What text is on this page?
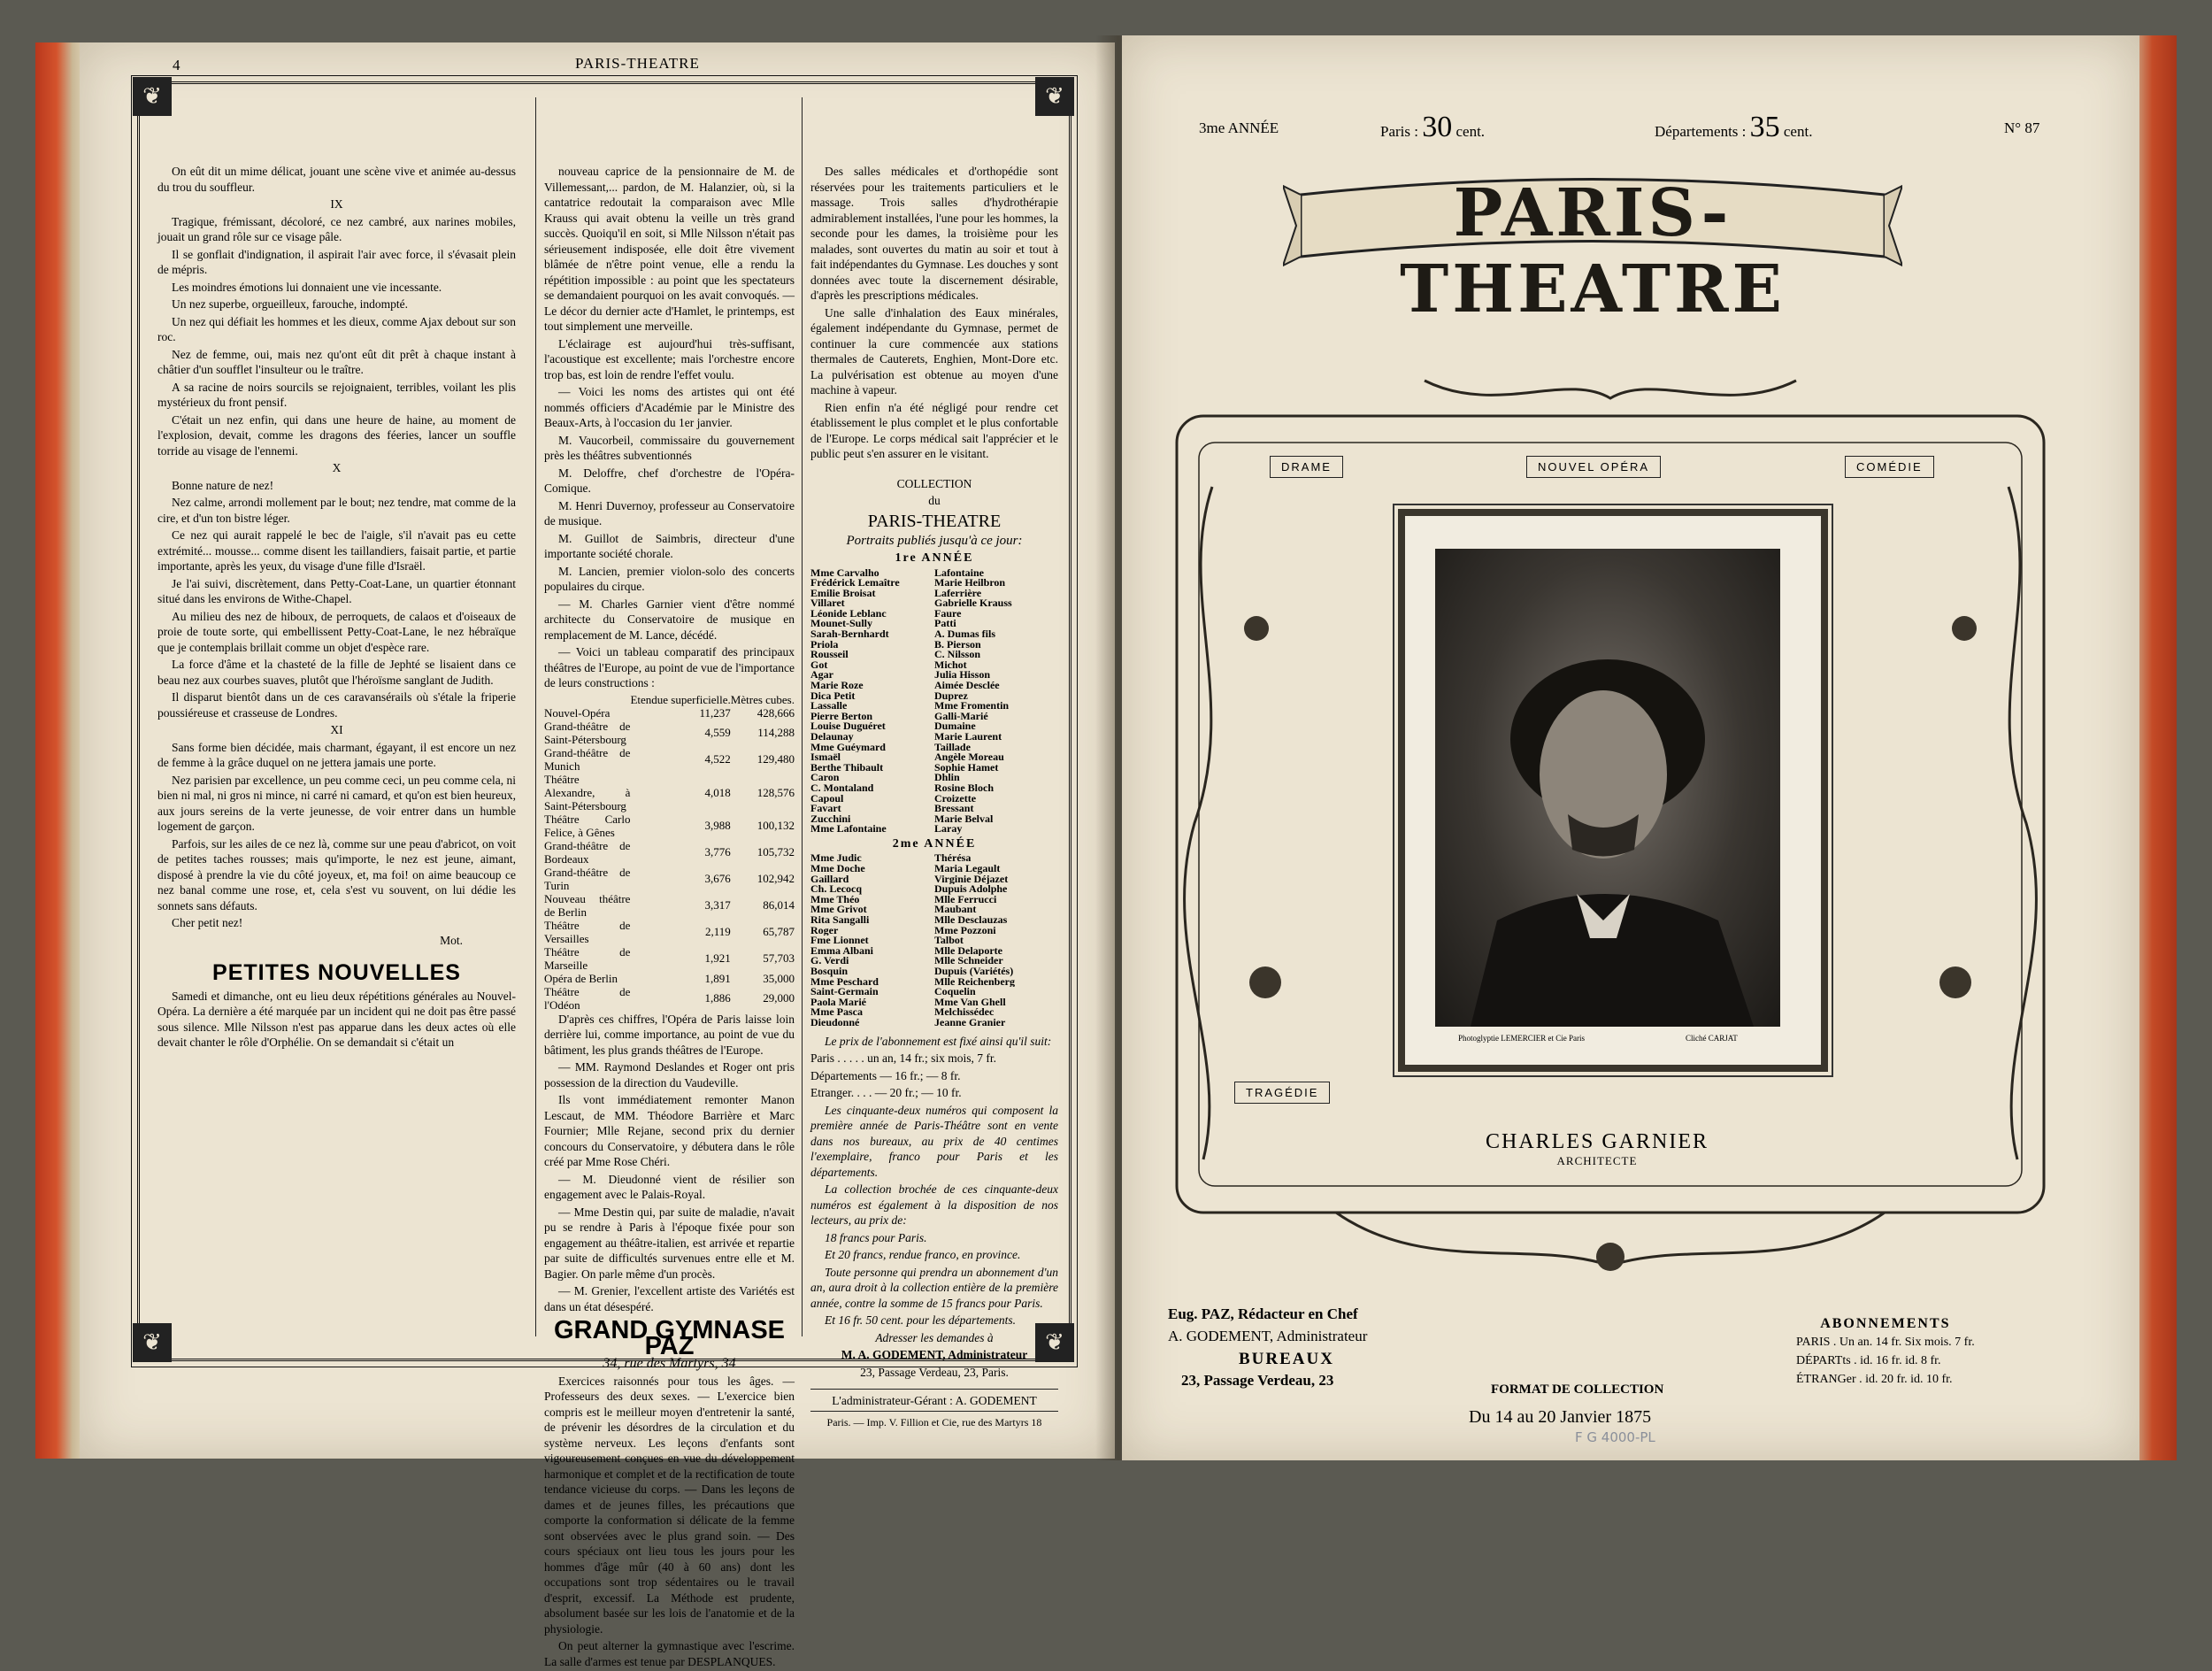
4	PARIS-THEATRE
❦	❦
❦	❦

On eût dit un mime délicat, jouant une scène vive et animée au-dessus du trou du souffleur.

IX

Tragique, frémissant, décoloré, ce nez cambré, aux narines mobiles, jouait un grand rôle sur ce visage pâle.

Il se gonflait d'indignation, il aspirait l'air avec force, il s'évasait plein de mépris.

Les moindres émotions lui donnaient une vie incessante.

Un nez superbe, orgueilleux, farouche, indompté.

Un nez qui défiait les hommes et les dieux, comme Ajax debout sur son roc.

Nez de femme, oui, mais nez qu'ont eût dit prêt à chaque instant à châtier d'un soufflet l'insulteur ou le traître.

A sa racine de noirs sourcils se rejoignaient, terribles, voilant les plis mystérieux du front pensif.

C'était un nez enfin, qui dans une heure de haine, au moment de l'explosion, devait, comme les dragons des féeries, lancer un souffle torride au visage de l'ennemi.

X

Bonne nature de nez!

Nez calme, arrondi mollement par le bout; nez tendre, mat comme de la cire, et d'un ton bistre léger.

Ce nez qui aurait rappelé le bec de l'aigle, s'il n'avait pas eu cette extrémité... mousse... comme disent les taillandiers, faisait partie, et partie importante, après les yeux, du visage d'une fille d'Israël.

Je l'ai suivi, discrètement, dans Petty-Coat-Lane, un quartier étonnant situé dans les environs de Withe-Chapel.

Au milieu des nez de hiboux, de perroquets, de calaos et d'oiseaux de proie de toute sorte, qui embellissent Petty-Coat-Lane, le nez hébraïque que je contemplais brillait comme un objet d'espèce rare.

La force d'âme et la chasteté de la fille de Jephté se lisaient dans ce beau nez aux courbes suaves, plutôt que l'héroïsme sanglant de Judith.

Il disparut bientôt dans un de ces caravansérails où s'étale la friperie poussiéreuse et crasseuse de Londres.

XI

Sans forme bien décidée, mais charmant, égayant, il est encore un nez de femme à la grâce duquel on ne jettera jamais une porte.

Nez parisien par excellence, un peu comme ceci, un peu comme cela, ni bien ni mal, ni gros ni mince, ni carré ni camard, et qu'on est bien heureux, aux jours sereins de la verte jeunesse, de voir entrer dans un humble logement de garçon.

Parfois, sur les ailes de ce nez là, comme sur une peau d'abricot, on voit de petites taches rousses; mais qu'importe, le nez est jeune, aimant, disposé à prendre la vie du côté joyeux, et, ma foi! on aime beaucoup ce nez banal comme une rose, et, cela s'est vu souvent, on lui dédie les sonnets sans défauts.

Cher petit nez!

Mot.

PETITES NOUVELLES

Samedi et dimanche, ont eu lieu deux répétitions générales au Nouvel-Opéra. La dernière a été marquée par un incident qui ne doit pas être passé sous silence. Mlle Nilsson n'est pas apparue dans les deux actes où elle devait chanter le rôle d'Orphélie. On se demandait si c'était un

nouveau caprice de la pensionnaire de M. de Villemessant,... pardon, de M. Halanzier, où, si la cantatrice redoutait la comparaison avec Mlle Krauss qui avait obtenu la veille un très grand succès. Quoiqu'il en soit, si Mlle Nilsson n'était pas sérieusement indisposée, elle doit être vivement blâmée de n'être point venue, elle a rendu la répétition impossible : au point que les spectateurs se demandaient pourquoi on les avait convoqués. — Le décor du dernier acte d'Hamlet, le printemps, est tout simplement une merveille.

L'éclairage est aujourd'hui très-suffisant, l'acoustique est excellente; mais l'orchestre encore trop bas, est loin de rendre l'effet voulu.

— Voici les noms des artistes qui ont été nommés officiers d'Académie par le Ministre des Beaux-Arts, à l'occasion du 1er janvier.

M. Vaucorbeil, commissaire du gouvernement près les théâtres subventionnés

M. Deloffre, chef d'orchestre de l'Opéra-Comique.

M. Henri Duvernoy, professeur au Conservatoire de musique.

M. Guillot de Saimbris, directeur d'une importante société chorale.

M. Lancien, premier violon-solo des concerts populaires du cirque.

— M. Charles Garnier vient d'être nommé architecte du Conservatoire de musique en remplacement de M. Lance, décédé.

— Voici un tableau comparatif des principaux théâtres de l'Europe, au point de vue de l'importance de leurs constructions :

	Etendue superficielle.	Mètres cubes.
Nouvel-Opéra	11,237	428,666
Grand-théâtre de Saint-Pétersbourg	4,559	114,288
Grand-théâtre de Munich	4,522	129,480
Théâtre Alexandre, à Saint-Pétersbourg	4,018	128,576
Théâtre Carlo Felice, à Gênes	3,988	100,132
Grand-théâtre de Bordeaux	3,776	105,732
Grand-théâtre de Turin	3,676	102,942
Nouveau théâtre de Berlin	3,317	86,014
Théâtre de Versailles	2,119	65,787
Théâtre de Marseille	1,921	57,703
Opéra de Berlin	1,891	35,000
Théâtre de l'Odéon	1,886	29,000

D'après ces chiffres, l'Opéra de Paris laisse loin derrière lui, comme importance, au point de vue du bâtiment, les plus grands théâtres de l'Europe.

— MM. Raymond Deslandes et Roger ont pris possession de la direction du Vaudeville.

Ils vont immédiatement remonter Manon Lescaut, de MM. Théodore Barrière et Marc Fournier; Mlle Rejane, second prix du dernier concours du Conservatoire, y débutera dans le rôle créé par Mme Rose Chéri.

— M. Dieudonné vient de résilier son engagement avec le Palais-Royal.

— Mme Destin qui, par suite de maladie, n'avait pu se rendre à Paris à l'époque fixée pour son engagement au théâtre-italien, est arrivée et repartie par suite de difficultés survenues entre elle et M. Bagier. On parle même d'un procès.

— M. Grenier, l'excellent artiste des Variétés est dans un état désespéré.

GRAND GYMNASE PAZ

34, rue des Martyrs, 34

Exercices raisonnés pour tous les âges. — Professeurs des deux sexes. — L'exercice bien compris est le meilleur moyen d'entretenir la santé, de prévenir les désordres de la circulation et du système nerveux. Les leçons d'enfants sont vigoureusement conçues en vue du développement harmonique et complet et de la rectification de toute tendance vicieuse du corps. — Dans les leçons de dames et de jeunes filles, les précautions que comporte la conformation si délicate de la femme sont observées avec le plus grand soin. — Des cours spéciaux ont lieu tous les jours pour les hommes d'âge mûr (40 à 60 ans) dont les occupations sont trop sédentaires ou le travail d'esprit, excessif. La Méthode est prudente, absolument basée sur les lois de l'anatomie et de la physiologie.

On peut alterner la gymnastique avec l'escrime. La salle d'armes est tenue par DESPLANQUES.

Des salles médicales et d'orthopédie sont réservées pour les traitements particuliers et le massage. Trois salles d'hydrothérapie admirablement installées, l'une pour les hommes, la seconde pour les dames, la troisième pour les malades, sont ouvertes du matin au soir et tout à fait indépendantes du Gymnase. Les douches y sont données avec toute la discernement désirable, d'après les prescriptions médicales.

Une salle d'inhalation des Eaux minérales, également indépendante du Gymnase, permet de continuer la cure commencée aux stations thermales de Cauterets, Enghien, Mont-Dore etc. La pulvérisation est obtenue au moyen d'une machine à vapeur.

Rien enfin n'a été négligé pour rendre cet établissement le plus complet et le plus confortable de l'Europe. Le corps médical sait l'apprécier et le public peut s'en assurer en le visitant.

COLLECTION

du

PARIS-THEATRE

Portraits publiés jusqu'à ce jour:

1re ANNÉE
Mme Carvalho	Lafontaine
Frédérick Lemaître	Marie Heilbron
Emilie Broisat	Laferrière
Villaret	Gabrielle Krauss
Léonide Leblanc	Faure
Mounet-Sully	Patti
Sarah-Bernhardt	A. Dumas fils
Priola	B. Pierson
Rousseil	C. Nilsson
Got	Michot
Agar	Julia Hisson
Marie Roze	Aimée Desclée
Dica Petit	Duprez
Lassalle	Mme Fromentin
Pierre Berton	Galli-Marié
Louise Duguéret	Dumaine
Delaunay	Marie Laurent
Mme Guéymard	Taillade
Ismaël	Angèle Moreau
Berthe Thibault	Sophie Hamet
Caron	Dhlin
C. Montaland	Rosine Bloch
Capoul	Croizette
Favart	Bressant
Zucchini	Marie Belval
Mme Lafontaine	Laray
2me ANNÉE
Mme Judic	Thérésa
Mme Doche	Maria Legault
Gaillard	Virginie Déjazet
Ch. Lecocq	Dupuis Adolphe
Mme Théo	Mlle Ferrucci
Mme Grivot	Maubant
Rita Sangalli	Mlle Desclauzas
Roger	Mme Pozzoni
Fme Lionnet	Talbot
Emma Albani	Mlle Delaporte
G. Verdi	Mlle Schneider
Bosquin	Dupuis (Variétés)
Mme Peschard	Mlle Reichenberg
Saint-Germain	Coquelin
Paola Marié	Mme Van Ghell
Mme Pasca	Melchissédec
Dieudonné	Jeanne Granier

Le prix de l'abonnement est fixé ainsi qu'il suit:

Paris . . . . . un an, 14 fr.; six mois, 7 fr.

Départements — 16 fr.; — 8 fr.

Etranger. . . . — 20 fr.; — 10 fr.

Les cinquante-deux numéros qui composent la première année de Paris-Théâtre sont en vente dans nos bureaux, au prix de 40 centimes l'exemplaire, franco pour Paris et les départements.

La collection brochée de ces cinquante-deux numéros est également à la disposition de nos lecteurs, au prix de:

18 francs pour Paris.

Et 20 francs, rendue franco, en province.

Toute personne qui prendra un abonnement d'un an, aura droit à la collection entière de la première année, contre la somme de 15 francs pour Paris.

Et 16 fr. 50 cent. pour les départements.

Adresser les demandes à

M. A. GODEMENT, Administrateur

23, Passage Verdeau, 23, Paris.

L'administrateur-Gérant : A. GODEMENT

Paris. — Imp. V. Fillion et Cie, rue des Martyrs 18

3me ANNÉE	Paris : 30 cent.	Départements : 35 cent.	N° 87
PARIS-THEATRE
DRAME	NOUVEL OPÉRA	COMÉDIE
TRAGÉDIE
Photoglyptie LEMERCIER et Cie Paris	Cliché CARJAT
CHARLES GARNIER
ARCHITECTE
Eug. PAZ, Rédacteur en Chef
A. GODEMENT, Administrateur
BUREAUX
23, Passage Verdeau, 23
FORMAT DE COLLECTION
Du 14 au 20 Janvier 1875
ABONNEMENTS
PARIS . Un an. 14 fr. Six mois. 7 fr.
DÉPARTts . id. 16 fr. id. 8 fr.
ÉTRANGer . id. 20 fr. id. 10 fr.
F G 4000-PL
